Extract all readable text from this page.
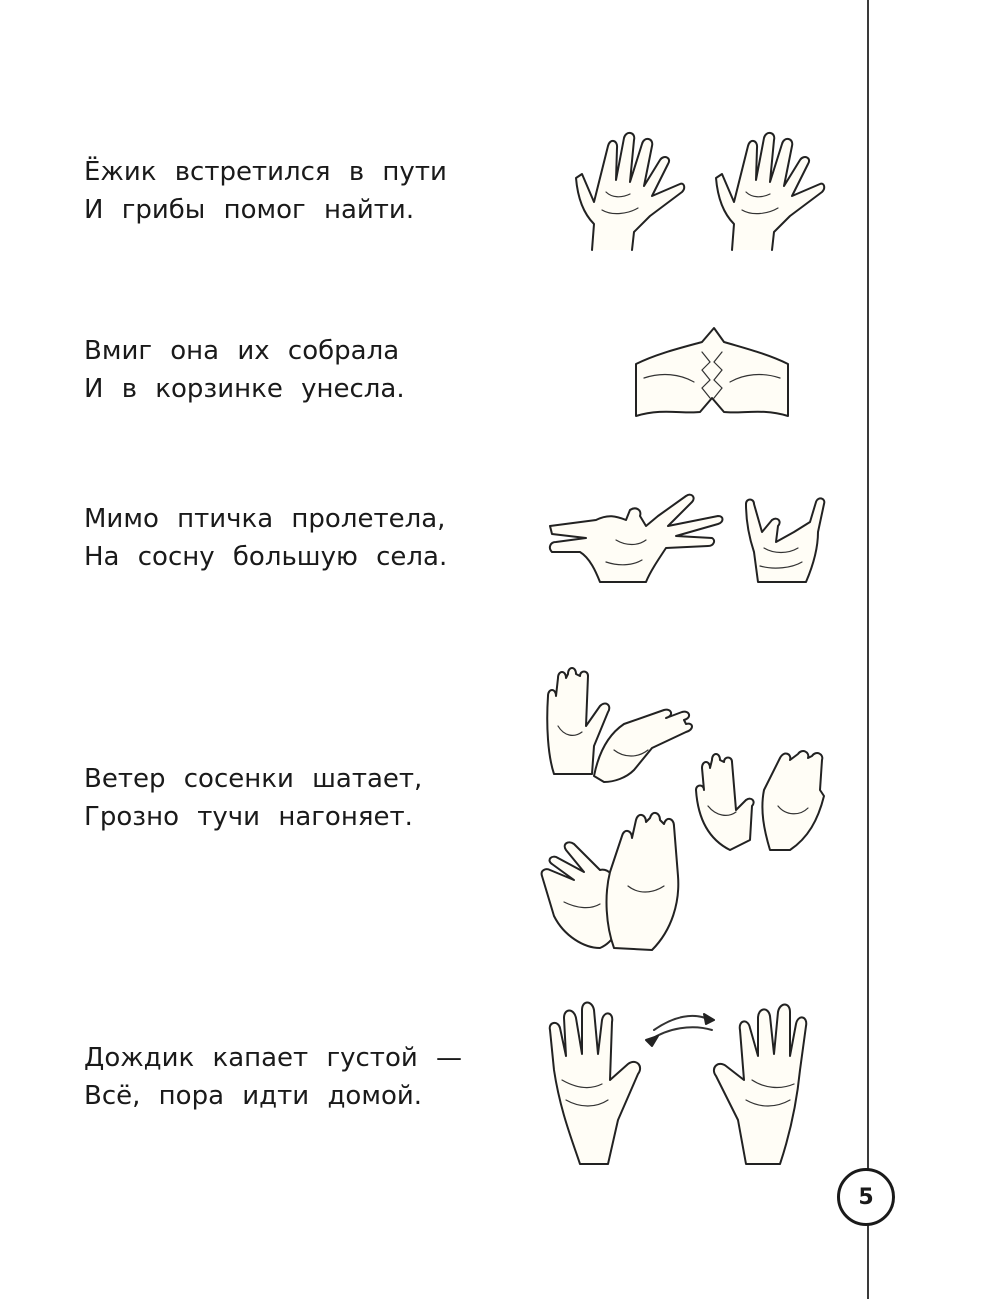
Ёжик встретился в пути
И грибы помог найти.
Вмиг она их собрала
И в корзинке унесла.
Мимо птичка пролетела,
На сосну большую села.
Ветер сосенки шатает,
Грозно тучи нагоняет.
Дождик капает густой —
Всё, пора идти домой.
5
